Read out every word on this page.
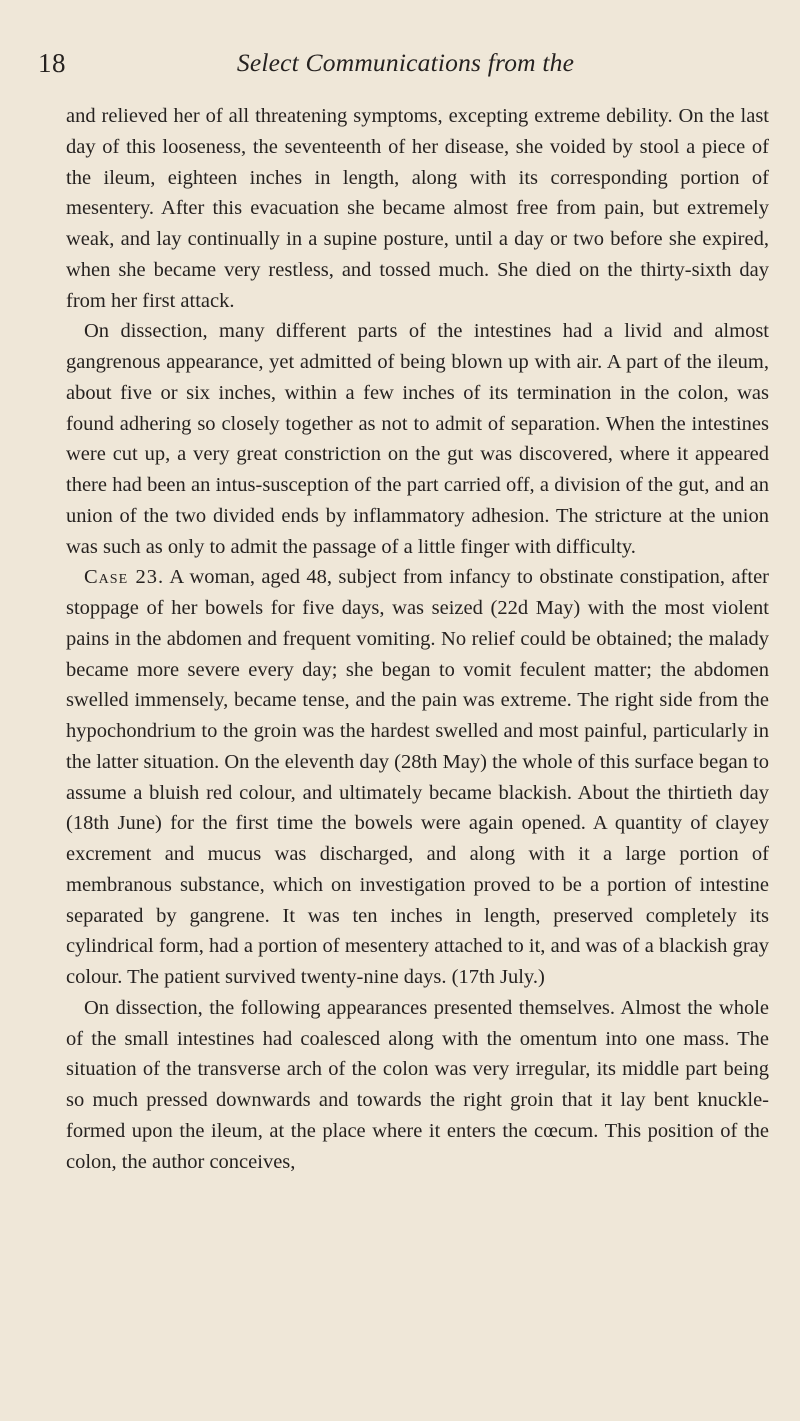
18	Select Communications from the

and relieved her of all threatening symptoms, excepting extreme debility. On the last day of this looseness, the seventeenth of her disease, she voided by stool a piece of the ileum, eighteen inches in length, along with its corresponding portion of mesentery. After this evacuation she became almost free from pain, but extremely weak, and lay continually in a supine posture, until a day or two before she expired, when she became very restless, and tossed much. She died on the thirty-sixth day from her first attack.

On dissection, many different parts of the intestines had a livid and almost gangrenous appearance, yet admitted of being blown up with air. A part of the ileum, about five or six inches, within a few inches of its termination in the colon, was found adhering so closely together as not to admit of separation. When the intestines were cut up, a very great constriction on the gut was discovered, where it appeared there had been an intus-susception of the part carried off, a division of the gut, and an union of the two divided ends by inflammatory adhesion. The stricture at the union was such as only to admit the passage of a little finger with difficulty.

Case 23. A woman, aged 48, subject from infancy to obstinate constipation, after stoppage of her bowels for five days, was seized (22d May) with the most violent pains in the abdomen and frequent vomiting. No relief could be obtained; the malady became more severe every day; she began to vomit feculent matter; the abdomen swelled immensely, became tense, and the pain was extreme. The right side from the hypochondrium to the groin was the hardest swelled and most painful, particularly in the latter situation. On the eleventh day (28th May) the whole of this surface began to assume a bluish red colour, and ultimately became blackish. About the thirtieth day (18th June) for the first time the bowels were again opened. A quantity of clayey excrement and mucus was discharged, and along with it a large portion of membranous substance, which on investigation proved to be a portion of intestine separated by gangrene. It was ten inches in length, preserved completely its cylindrical form, had a portion of mesentery attached to it, and was of a blackish gray colour. The patient survived twenty-nine days. (17th July.)

On dissection, the following appearances presented themselves. Almost the whole of the small intestines had coalesced along with the omentum into one mass. The situation of the transverse arch of the colon was very irregular, its middle part being so much pressed downwards and towards the right groin that it lay bent knuckle-formed upon the ileum, at the place where it enters the cœcum. This position of the colon, the author conceives,
